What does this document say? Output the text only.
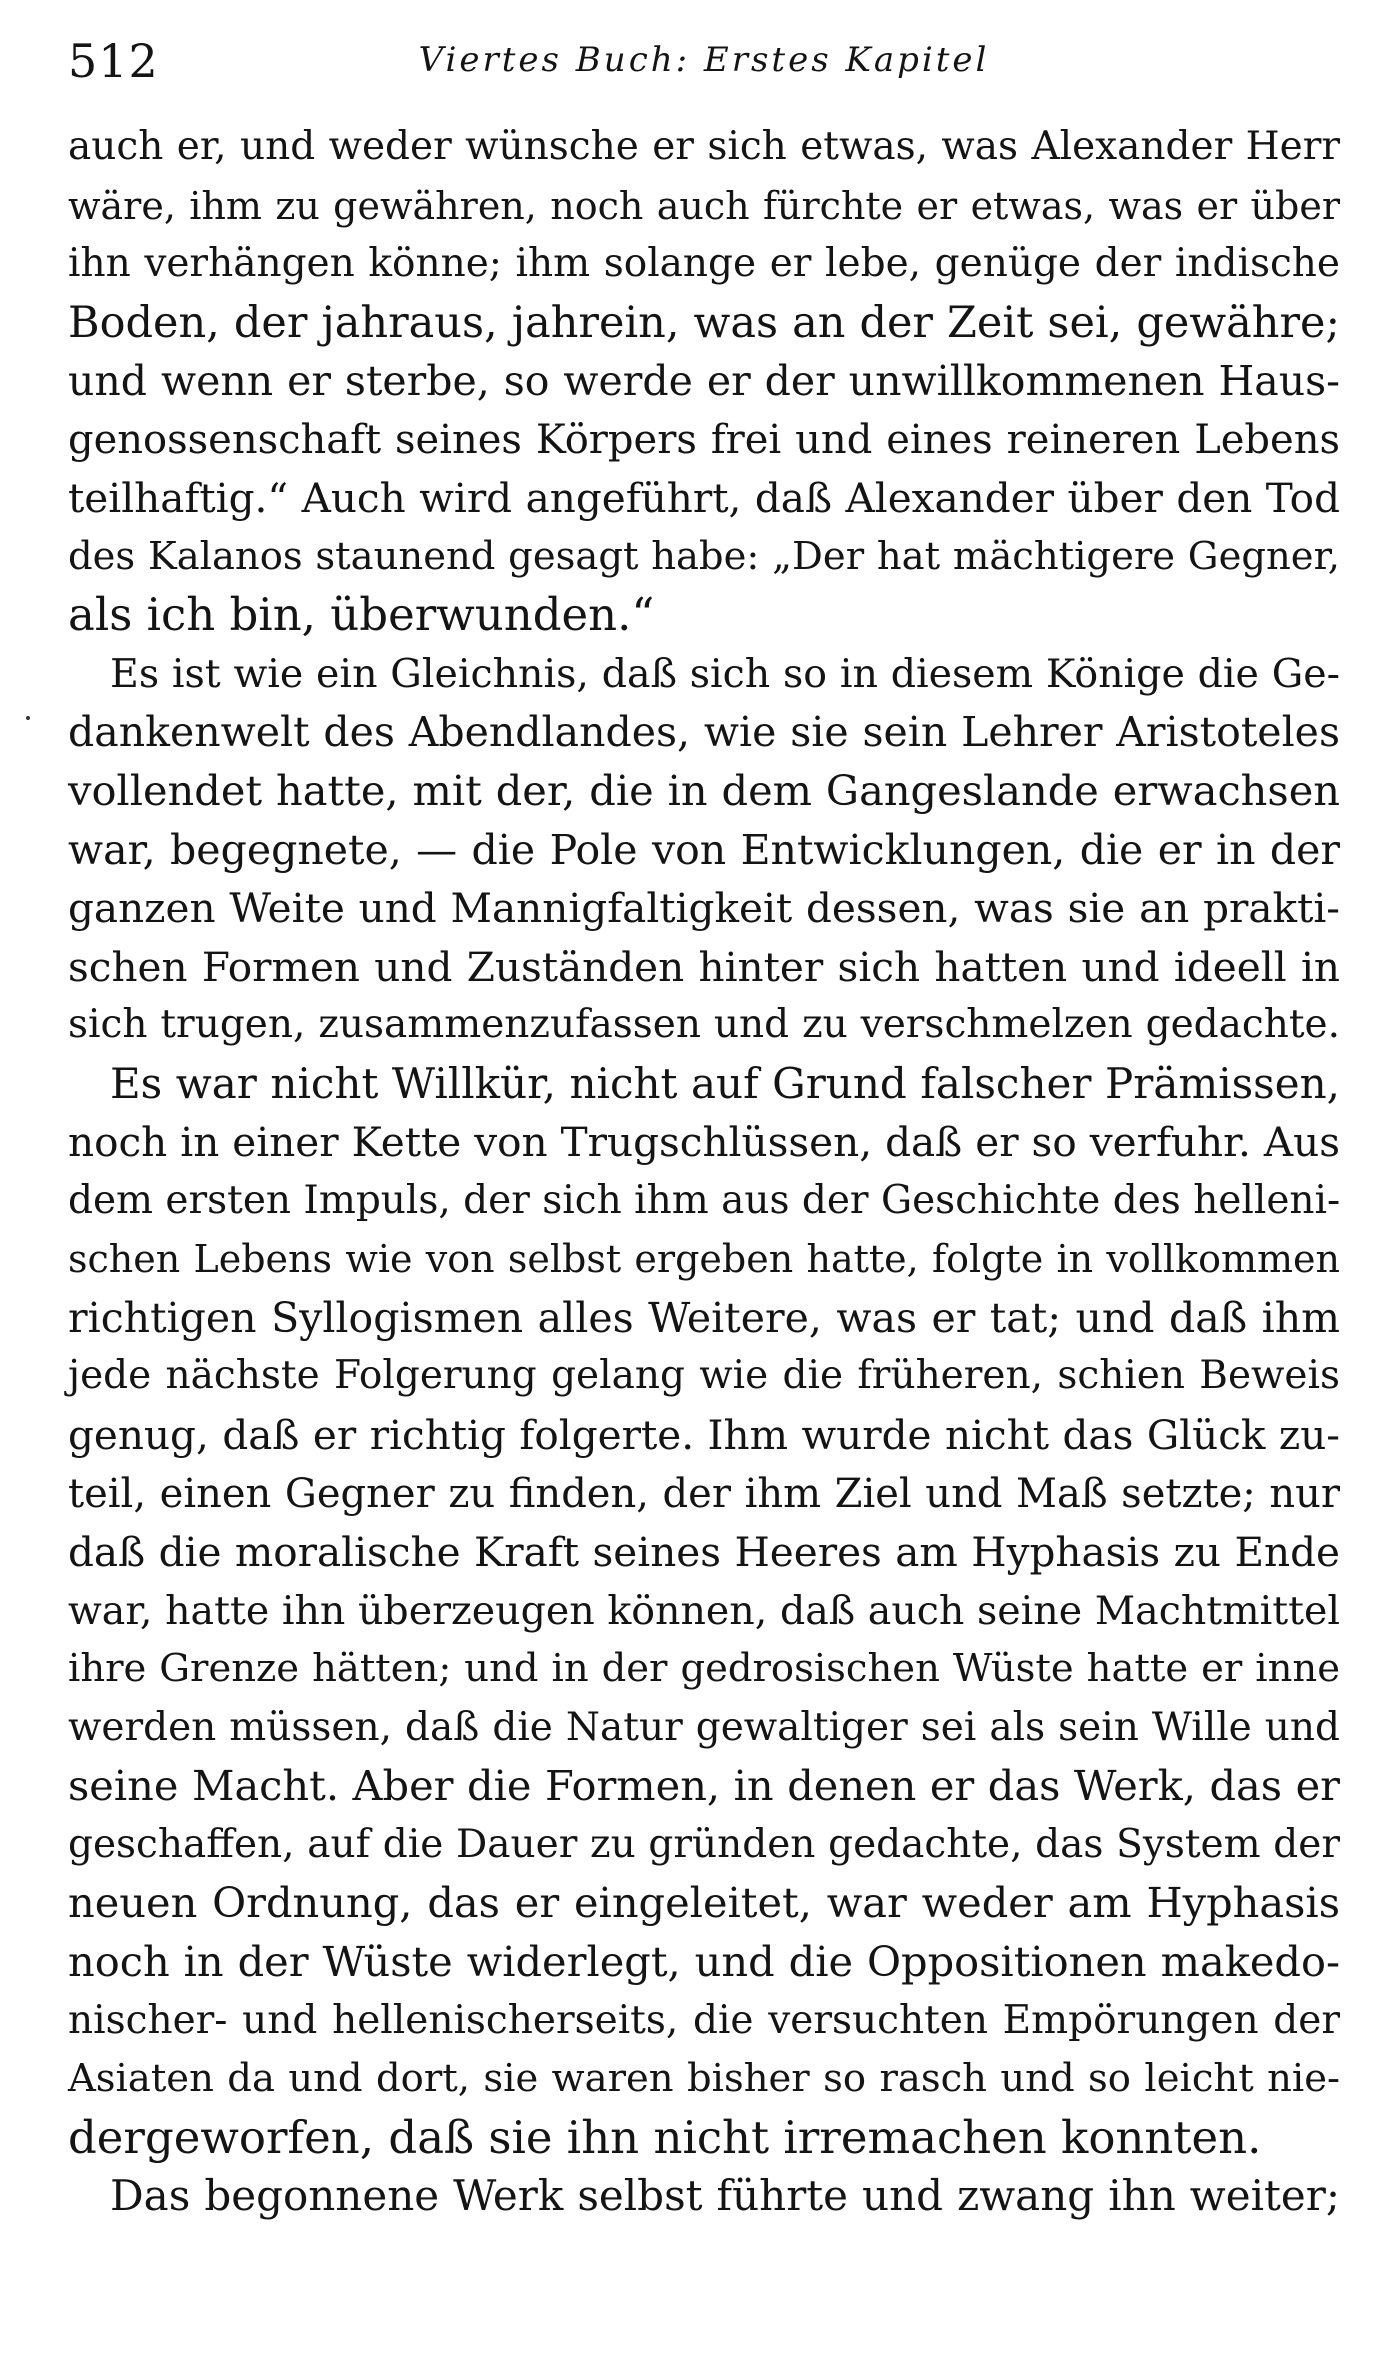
512	Viertes Buch: Erstes Kapitel
auch er, und weder wünsche er sich etwas, was Alexander Herr
wäre, ihm zu gewähren, noch auch fürchte er etwas, was er über
ihn verhängen könne; ihm solange er lebe, genüge der indische
Boden, der jahraus, jahrein, was an der Zeit sei, gewähre;
und wenn er sterbe, so werde er der unwillkommenen Haus-
genossenschaft seines Körpers frei und eines reineren Lebens
teilhaftig.“ Auch wird angeführt, daß Alexander über den Tod
des Kalanos staunend gesagt habe: „Der hat mächtigere Gegner,
als ich bin, überwunden.“
Es ist wie ein Gleichnis, daß sich so in diesem Könige die Ge-
dankenwelt des Abendlandes, wie sie sein Lehrer Aristoteles
vollendet hatte, mit der, die in dem Gangeslande erwachsen
war, begegnete, — die Pole von Entwicklungen, die er in der
ganzen Weite und Mannigfaltigkeit dessen, was sie an prakti-
schen Formen und Zuständen hinter sich hatten und ideell in
sich trugen, zusammenzufassen und zu verschmelzen gedachte.
Es war nicht Willkür, nicht auf Grund falscher Prämissen,
noch in einer Kette von Trugschlüssen, daß er so verfuhr. Aus
dem ersten Impuls, der sich ihm aus der Geschichte des helleni-
schen Lebens wie von selbst ergeben hatte, folgte in vollkommen
richtigen Syllogismen alles Weitere, was er tat; und daß ihm
jede nächste Folgerung gelang wie die früheren, schien Beweis
genug, daß er richtig folgerte. Ihm wurde nicht das Glück zu-
teil, einen Gegner zu finden, der ihm Ziel und Maß setzte; nur
daß die moralische Kraft seines Heeres am Hyphasis zu Ende
war, hatte ihn überzeugen können, daß auch seine Machtmittel
ihre Grenze hätten; und in der gedrosischen Wüste hatte er inne
werden müssen, daß die Natur gewaltiger sei als sein Wille und
seine Macht. Aber die Formen, in denen er das Werk, das er
geschaffen, auf die Dauer zu gründen gedachte, das System der
neuen Ordnung, das er eingeleitet, war weder am Hyphasis
noch in der Wüste widerlegt, und die Oppositionen makedo-
nischer- und hellenischerseits, die versuchten Empörungen der
Asiaten da und dort, sie waren bisher so rasch und so leicht nie-
dergeworfen, daß sie ihn nicht irremachen konnten.
Das begonnene Werk selbst führte und zwang ihn weiter;
